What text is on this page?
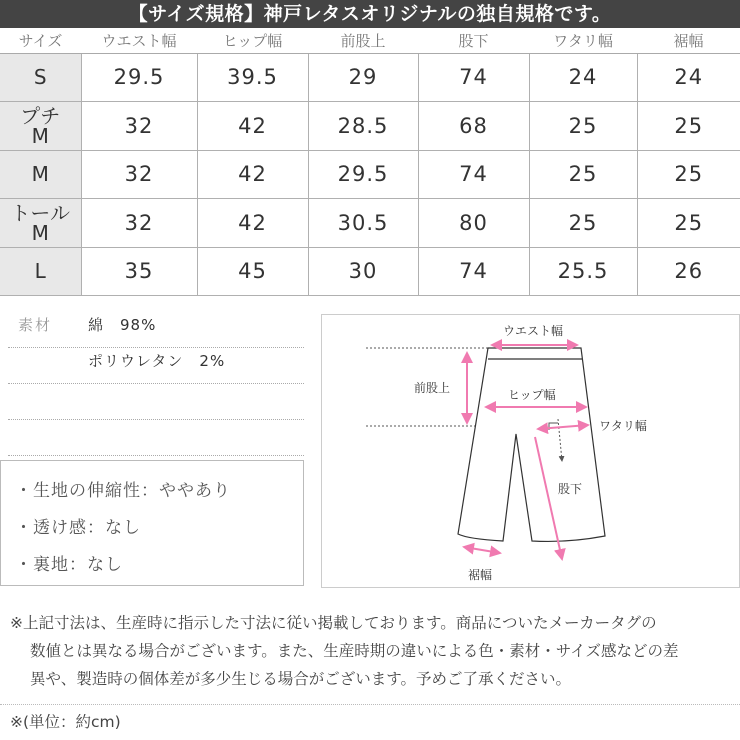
【サイズ規格】神戸レタスオリジナルの独自規格です。
サイズ	ウエスト幅	ヒップ幅	前股上	股下	ワタリ幅	裾幅
S	29.5	39.5	29	74	24	24
プチ
M	32	42	28.5	68	25	25
M	32	42	29.5	74	25	25
トール
M	32	42	30.5	80	25	25
L	35	45	30	74	25.5	26
素材 綿　98%
ポリウレタン　2%
・生地の伸縮性：ややあり
・透け感：なし
・裏地：なし
ウエスト幅
前股上	ヒップ幅
ワタリ幅
股下
裾幅
※上記寸法は、生産時に指示した寸法に従い掲載しております。商品についたメーカータグの
数値とは異なる場合がございます。また、生産時期の違いによる色・素材・サイズ感などの差
異や、製造時の個体差が多少生じる場合がございます。予めご了承ください。
※(単位：約cm)
